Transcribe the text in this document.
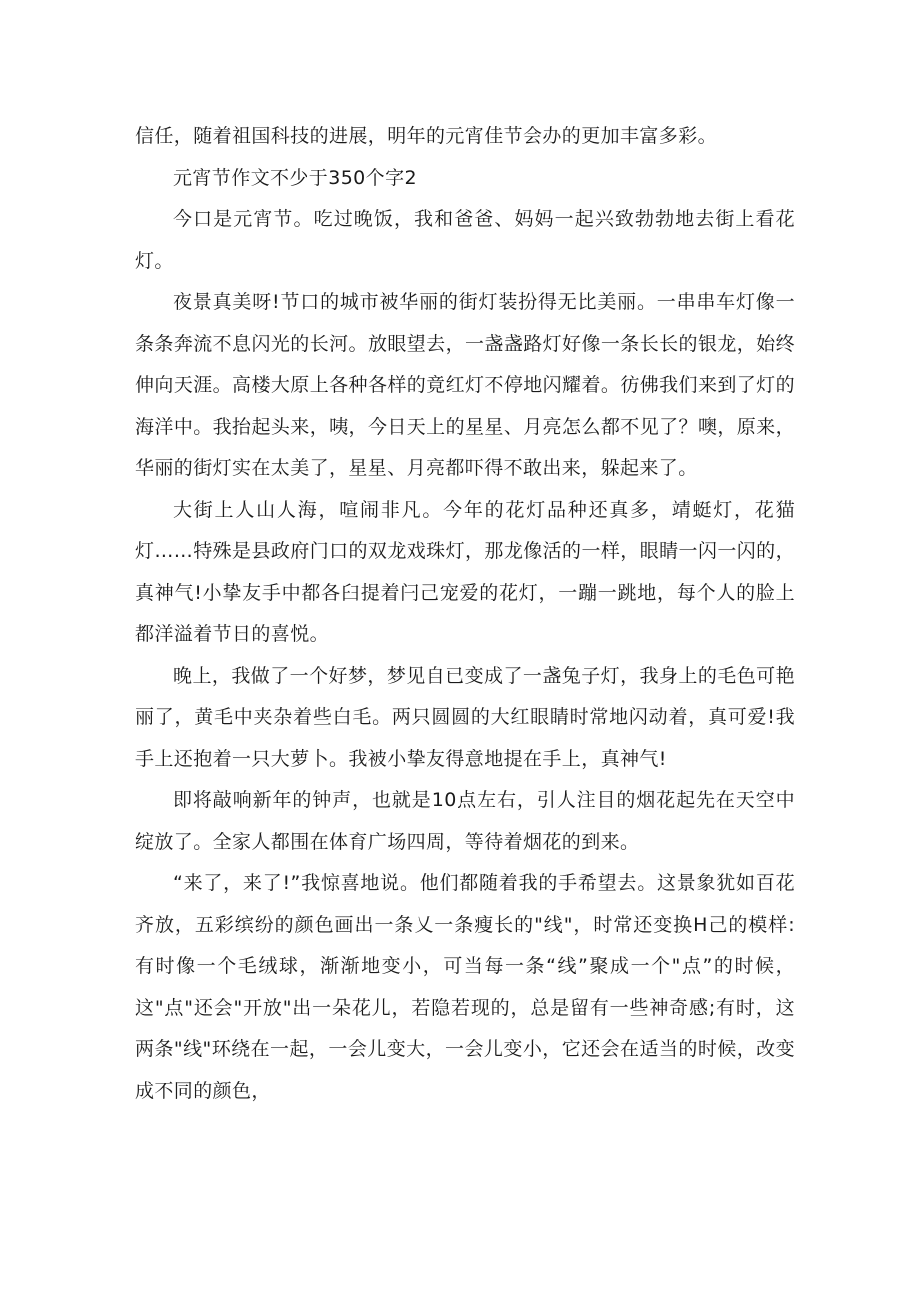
信任，随着祖国科技的进展，明年的元宵佳节会办的更加丰富多彩。

元宵节作文不少于350个字2

今口是元宵节。吃过晚饭，我和爸爸、妈妈一起兴致勃勃地去街上看花灯。

夜景真美呀!节口的城市被华丽的街灯装扮得无比美丽。一串串车灯像一条条奔流不息闪光的长河。放眼望去，一盏盏路灯好像一条长长的银龙，始终伸向天涯。高楼大原上各种各样的竟红灯不停地闪耀着。彷佛我们来到了灯的海洋中。我抬起头来，咦，今日天上的星星、月亮怎么都不见了？噢，原来，华丽的街灯实在太美了，星星、月亮都吓得不敢出来，躲起来了。

大街上人山人海，喧闹非凡。今年的花灯品种还真多，靖蜓灯，花猫灯……特殊是县政府门口的双龙戏珠灯，那龙像活的一样，眼睛一闪一闪的，真神气!小挚友手中都各臼提着闩己宠爱的花灯，一蹦一跳地，每个人的脸上都洋溢着节日的喜悦。

晚上，我做了一个好梦，梦见自已变成了一盏兔子灯，我身上的毛色可艳丽了，黄毛中夹杂着些白毛。两只圆圆的大红眼睛时常地闪动着，真可爱!我手上还抱着一只大萝卜。我被小挚友得意地提在手上，真神气!

即将敲响新年的钟声，也就是10点左右，引人注目的烟花起先在天空中绽放了。全家人都围在体育广场四周，等待着烟花的到来。

“来了，来了!”我惊喜地说。他们都随着我的手希望去。这景象犹如百花齐放，五彩缤纷的颜色画出一条乂一条瘦长的"线"，时常还变换H己的模样:有时像一个毛绒球，渐渐地变小，可当每一条“线”聚成一个"点”的时候，这"点"还会"开放"出一朵花儿，若隐若现的，总是留有一些神奇感;有时，这两条"线"环绕在一起，一会儿变大，一会儿变小，它还会在适当的时候，改变成不同的颜色，
